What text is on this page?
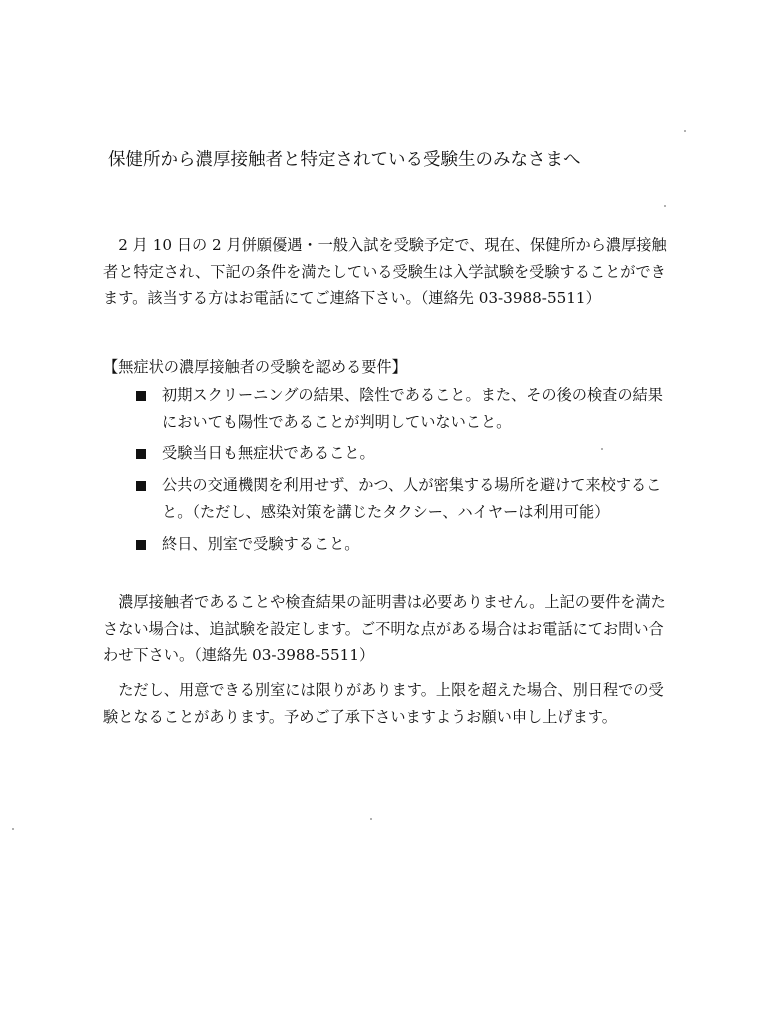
保健所から濃厚接触者と特定されている受験生のみなさまへ
　2 月 10 日の 2 月併願優遇・一般入試を受験予定で、現在、保健所から濃厚接触者と特定され、下記の条件を満たしている受験生は入学試験を受験することができます。該当する方はお電話にてご連絡下さい。（連絡先 03-3988-5511）
【無症状の濃厚接触者の受験を認める要件】
初期スクリーニングの結果、陰性であること。また、その後の検査の結果においても陽性であることが判明していないこと。
受験当日も無症状であること。
公共の交通機関を利用せず、かつ、人が密集する場所を避けて来校すること。（ただし、感染対策を講じたタクシー、ハイヤーは利用可能）
終日、別室で受験すること。
　濃厚接触者であることや検査結果の証明書は必要ありません。上記の要件を満たさない場合は、追試験を設定します。ご不明な点がある場合はお電話にてお問い合わせ下さい。（連絡先 03-3988-5511）
　ただし、用意できる別室には限りがあります。上限を超えた場合、別日程での受験となることがあります。予めご了承下さいますようお願い申し上げます。
